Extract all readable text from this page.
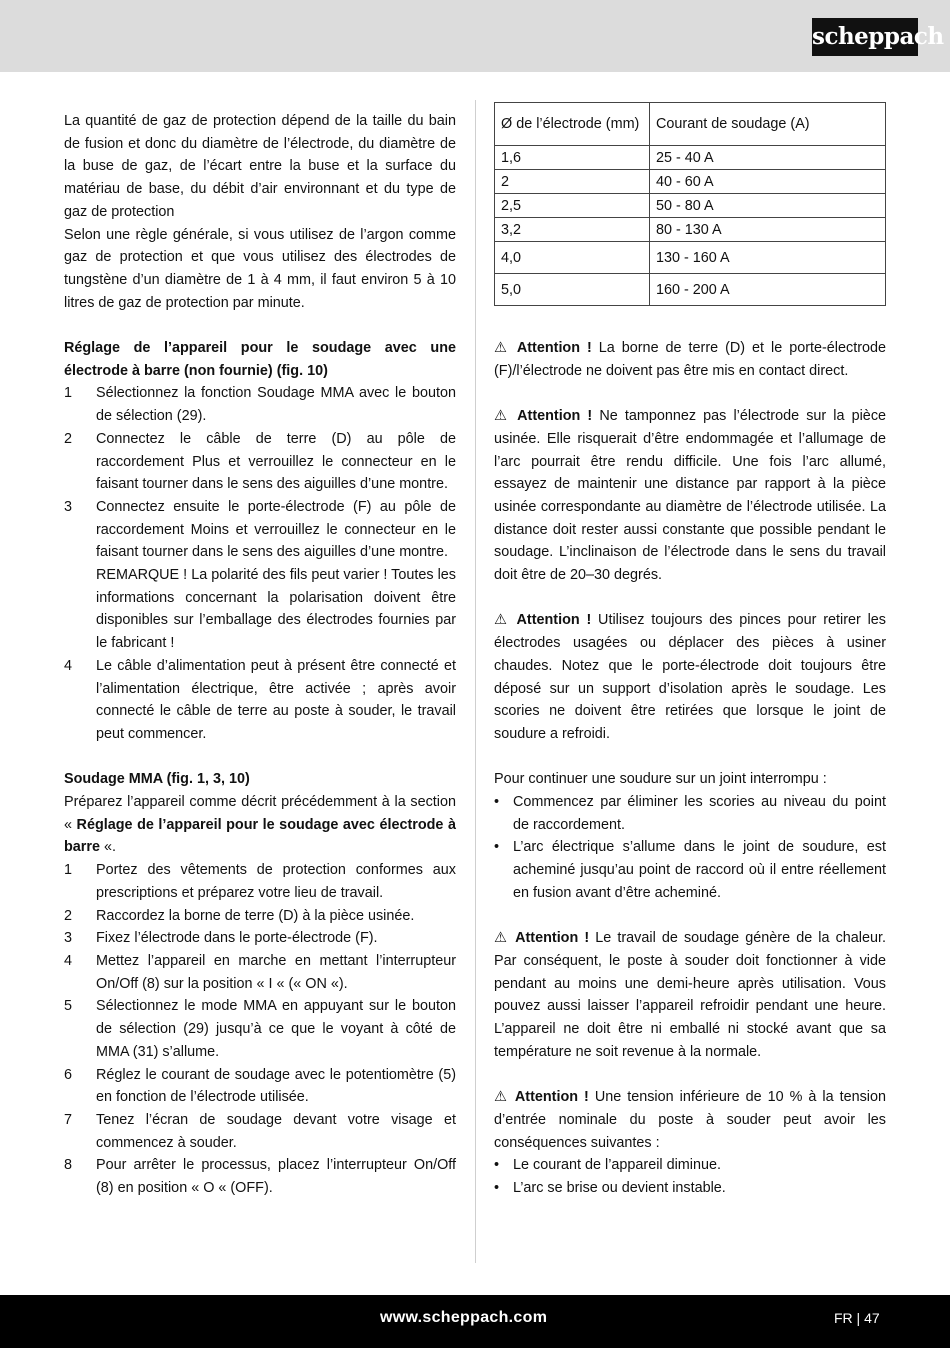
scheppach

La quantité de gaz de protection dépend de la taille du bain de fusion et donc du diamètre de l’électrode, du diamètre de la buse de gaz, de l’écart entre la buse et la surface du matériau de base, du débit d’air environnant et du type de gaz de protection

Selon une règle générale, si vous utilisez de l’argon comme gaz de protection et que vous utilisez des électrodes de tungstène d’un diamètre de 1 à 4 mm, il faut environ 5 à 10 litres de gaz de protection par minute.

Réglage de l’appareil pour le soudage avec une électrode à barre (non fournie) (fig. 10)

1	Sélectionnez la fonction Soudage MMA avec le bouton de sélection (29).
2	Connectez le câble de terre (D) au pôle de raccordement Plus et verrouillez le connecteur en le faisant tourner dans le sens des aiguilles d’une montre.
3	Connectez ensuite le porte-électrode (F) au pôle de raccordement Moins et verrouillez le connecteur en le faisant tourner dans le sens des aiguilles d’une montre.
REMARQUE ! La polarité des fils peut varier ! Toutes les informations concernant la polarisation doivent être disponibles sur l’emballage des électrodes fournies par le fabricant !
4	Le câble d’alimentation peut à présent être connecté et l’alimentation électrique, être activée ; après avoir connecté le câble de terre au poste à souder, le travail peut commencer.

Soudage MMA (fig. 1, 3, 10)

Préparez l’appareil comme décrit précédemment à la section « Réglage de l’appareil pour le soudage avec électrode à barre «.

1	Portez des vêtements de protection conformes aux prescriptions et préparez votre lieu de travail.
2	Raccordez la borne de terre (D) à la pièce usinée.
3	Fixez l’électrode dans le porte-électrode (F).
4	Mettez l’appareil en marche en mettant l’interrupteur On/Off (8) sur la position « I « (« ON «).
5	Sélectionnez le mode MMA en appuyant sur le bouton de sélection (29) jusqu’à ce que le voyant à côté de MMA (31) s’allume.
6	Réglez le courant de soudage avec le potentiomètre (5) en fonction de l’électrode utilisée.
7	Tenez l’écran de soudage devant votre visage et commencez à souder.
8	Pour arrêter le processus, placez l’interrupteur On/Off (8) en position « O « (OFF).
Ø de l’électrode (mm)	Courant de soudage (A)
1,6	25 - 40 A
2	40 - 60 A
2,5	50 - 80 A
3,2	80 - 130 A
4,0	130 - 160 A
5,0	160 - 200 A

⚠ Attention ! La borne de terre (D) et le porte-électrode (F)/l’électrode ne doivent pas être mis en contact direct.

⚠ Attention ! Ne tamponnez pas l’électrode sur la pièce usinée. Elle risquerait d’être endommagée et l’allumage de l’arc pourrait être rendu difficile. Une fois l’arc allumé, essayez de maintenir une distance par rapport à la pièce usinée correspondante au diamètre de l’électrode utilisée. La distance doit rester aussi constante que possible pendant le soudage. L’inclinaison de l’électrode dans le sens du travail doit être de 20–30 degrés.

⚠ Attention ! Utilisez toujours des pinces pour retirer les électrodes usagées ou déplacer des pièces à usiner chaudes. Notez que le porte-électrode doit toujours être déposé sur un support d’isolation après le soudage. Les scories ne doivent être retirées que lorsque le joint de soudure a refroidi.

Pour continuer une soudure sur un joint interrompu :

• Commencez par éliminer les scories au niveau du point de raccordement.
• L’arc électrique s’allume dans le joint de soudure, est acheminé jusqu’au point de raccord où il entre réellement en fusion avant d’être acheminé.

⚠ Attention ! Le travail de soudage génère de la chaleur. Par conséquent, le poste à souder doit fonctionner à vide pendant au moins une demi-heure après utilisation. Vous pouvez aussi laisser l’appareil refroidir pendant une heure. L’appareil ne doit être ni emballé ni stocké avant que sa température ne soit revenue à la normale.

⚠ Attention ! Une tension inférieure de 10 % à la tension d’entrée nominale du poste à souder peut avoir les conséquences suivantes :

• Le courant de l’appareil diminue.
• L’arc se brise ou devient instable.
www.scheppach.com	FR | 47
